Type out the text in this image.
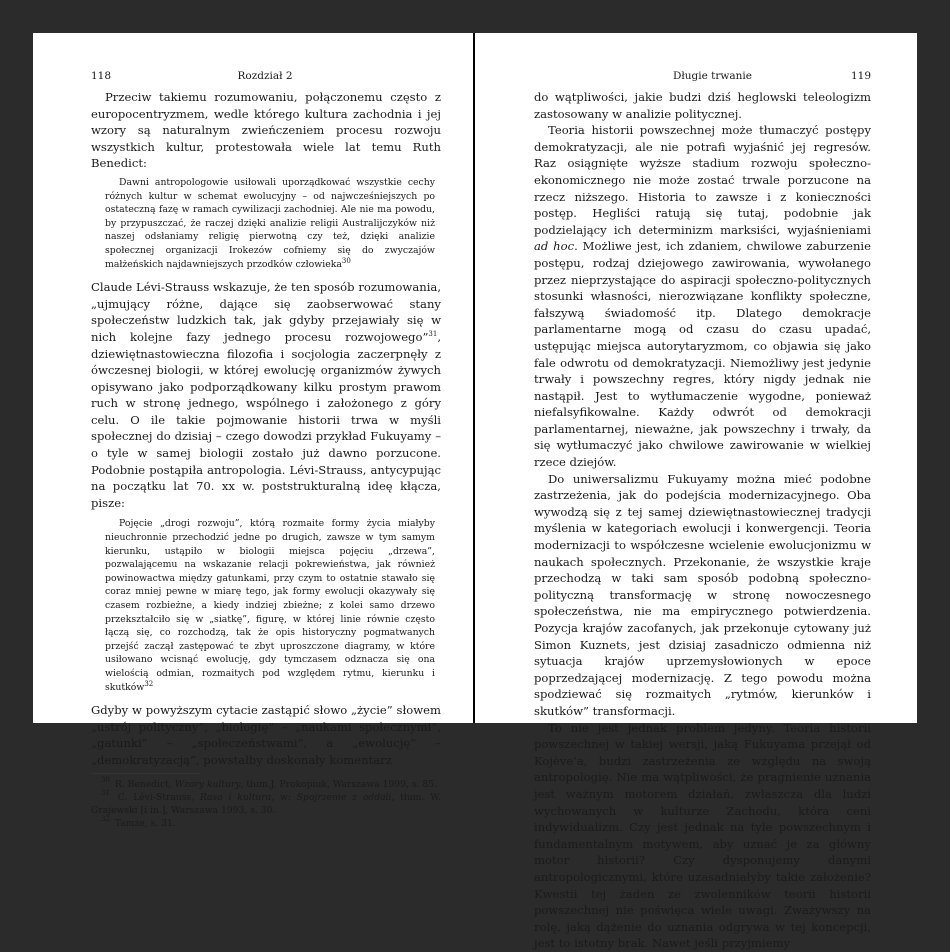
118	Rozdział 2

Przeciw takiemu rozumowaniu, połączonemu często z europocentryzmem, wedle którego kultura zachodnia i jej wzory są naturalnym zwieńczeniem procesu rozwoju wszystkich kultur, protestowała wiele lat temu Ruth Benedict:

Dawni antropologowie usiłowali uporządkować wszystkie cechy różnych kultur w schemat ewolucyjny – od najwcześniejszych po ostateczną fazę w ramach cywilizacji zachodniej. Ale nie ma powodu, by przypuszczać, że raczej dzięki analizie religii Australijczyków niż naszej odsłaniamy religię pierwotną czy też, dzięki analizie społecznej organizacji Irokezów cofniemy się do zwyczajów małżeńskich najdawniejszych przodków człowieka$^{30}$

Claude Lévi-Strauss wskazuje, że ten sposób rozumowania, „ujmujący różne, dające się zaobserwować stany społeczeństw ludzkich tak, jak gdyby przejawiały się w nich kolejne fazy jednego procesu rozwojowego”$^{31}$, dziewiętnastowieczna filozofia i socjologia zaczerpnęły z ówczesnej biologii, w której ewolucję organizmów żywych opisywano jako podporządkowany kilku prostym prawom ruch w stronę jednego, wspólnego i założonego z góry celu. O ile takie pojmowanie historii trwa w myśli społecznej do dzisiaj – czego dowodzi przykład Fukuyamy – o tyle w samej biologii zostało już dawno porzucone. Podobnie postąpiła antropologia. Lévi-Strauss, antycypując na początku lat 70. xx w. poststrukturalną ideę kłącza, pisze:

Pojęcie „drogi rozwoju”, którą rozmaite formy życia miałyby nieuchronnie przechodzić jedne po drugich, zawsze w tym samym kierunku, ustąpiło w biologii miejsca pojęciu „drzewa”, pozwalającemu na wskazanie relacji pokrewieństwa, jak również powinowactwa między gatunkami, przy czym to ostatnie stawało się coraz mniej pewne w miarę tego, jak formy ewolucji okazywały się czasem rozbieżne, a kiedy indziej zbieżne; z kolei samo drzewo przekształciło się w „siatkę”, figurę, w której linie równie często łączą się, co rozchodzą, tak że opis historyczny pogmatwanych przejść zaczął zastępować te zbyt uproszczone diagramy, w które usiłowano wcisnąć ewolucję, gdy tymczasem odznacza się ona wielością odmian, rozmaitych pod względem rytmu, kierunku i skutków$^{32}$

Gdyby w powyższym cytacie zastąpić słowo „życie” słowem „ustrój polityczny”, „biologię” – „naukami społecznymi”, „gatunki” – „społeczeństwami”, a „ewolucję” – „demokratyzacją”, powstałby doskonały komentarz

$^{30}$ R. Benedict, Wzory kultury, tłum.J. Prokopiuk, Warszawa 1999, s. 85.

$^{31}$ C. Lévi-Strauss, Rasa i kultura, w: Spojrzenie z oddali, tłum. W. Grajewski [i in.], Warszawa 1993, s. 30.

$^{32}$ Tamże, s. 31.

Długie trwanie	119

do wątpliwości, jakie budzi dziś heglowski teleologizm zastosowany w analizie politycznej.

Teoria historii powszechnej może tłumaczyć postępy demokratyzacji, ale nie potrafi wyjaśnić jej regresów. Raz osiągnięte wyższe stadium rozwoju społeczno-ekonomicznego nie może zostać trwale porzucone na rzecz niższego. Historia to zawsze i z konieczności postęp. Hegliści ratują się tutaj, podobnie jak podzielający ich determinizm marksiści, wyjaśnieniami ad hoc. Możliwe jest, ich zdaniem, chwilowe zaburzenie postępu, rodzaj dziejowego zawirowania, wywołanego przez nieprzystające do aspiracji społeczno-politycznych stosunki własności, nierozwiązane konflikty społeczne, fałszywą świadomość itp. Dlatego demokracje parlamentarne mogą od czasu do czasu upadać, ustępując miejsca autorytaryzmom, co objawia się jako fale odwrotu od demokratyzacji. Niemożliwy jest jedynie trwały i powszechny regres, który nigdy jednak nie nastąpił. Jest to wytłumaczenie wygodne, ponieważ niefalsyfikowalne. Każdy odwrót od demokracji parlamentarnej, nieważne, jak powszechny i trwały, da się wytłumaczyć jako chwilowe zawirowanie w wielkiej rzece dziejów.

Do uniwersalizmu Fukuyamy można mieć podobne zastrzeżenia, jak do podejścia modernizacyjnego. Oba wywodzą się z tej samej dziewiętnastowiecznej tradycji myślenia w kategoriach ewolucji i konwergencji. Teoria modernizacji to współczesne wcielenie ewolucjonizmu w naukach społecznych. Przekonanie, że wszystkie kraje przechodzą w taki sam sposób podobną społeczno-polityczną transformację w stronę nowoczesnego społeczeństwa, nie ma empirycznego potwierdzenia. Pozycja krajów zacofanych, jak przekonuje cytowany już Simon Kuznets, jest dzisiaj zasadniczo odmienna niż sytuacja krajów uprzemysłowionych w epoce poprzedzającej modernizację. Z tego powodu można spodziewać się rozmaitych „rytmów, kierunków i skutków” transformacji.

To nie jest jednak problem jedyny. Teoria historii powszechnej w takiej wersji, jaką Fukuyama przejął od Kojève’a, budzi zastrzeżenia ze względu na swoją antropologię. Nie ma wątpliwości, że pragnienie uznania jest ważnym motorem działań, zwłaszcza dla ludzi wychowanych w kulturze Zachodu, która ceni indywidualizm. Czy jest jednak na tyle powszechnym i fundamentalnym motywem, aby uznać je za główny motor historii? Czy dysponujemy danymi antropologicznymi, które uzasadniałyby takie założenie? Kwestii tej żaden ze zwolenników teorii historii powszechnej nie poświęca wiele uwagi. Zważywszy na rolę, jaką dążenie do uznania odgrywa w tej koncepcji, jest to istotny brak. Nawet jeśli przyjmiemy
